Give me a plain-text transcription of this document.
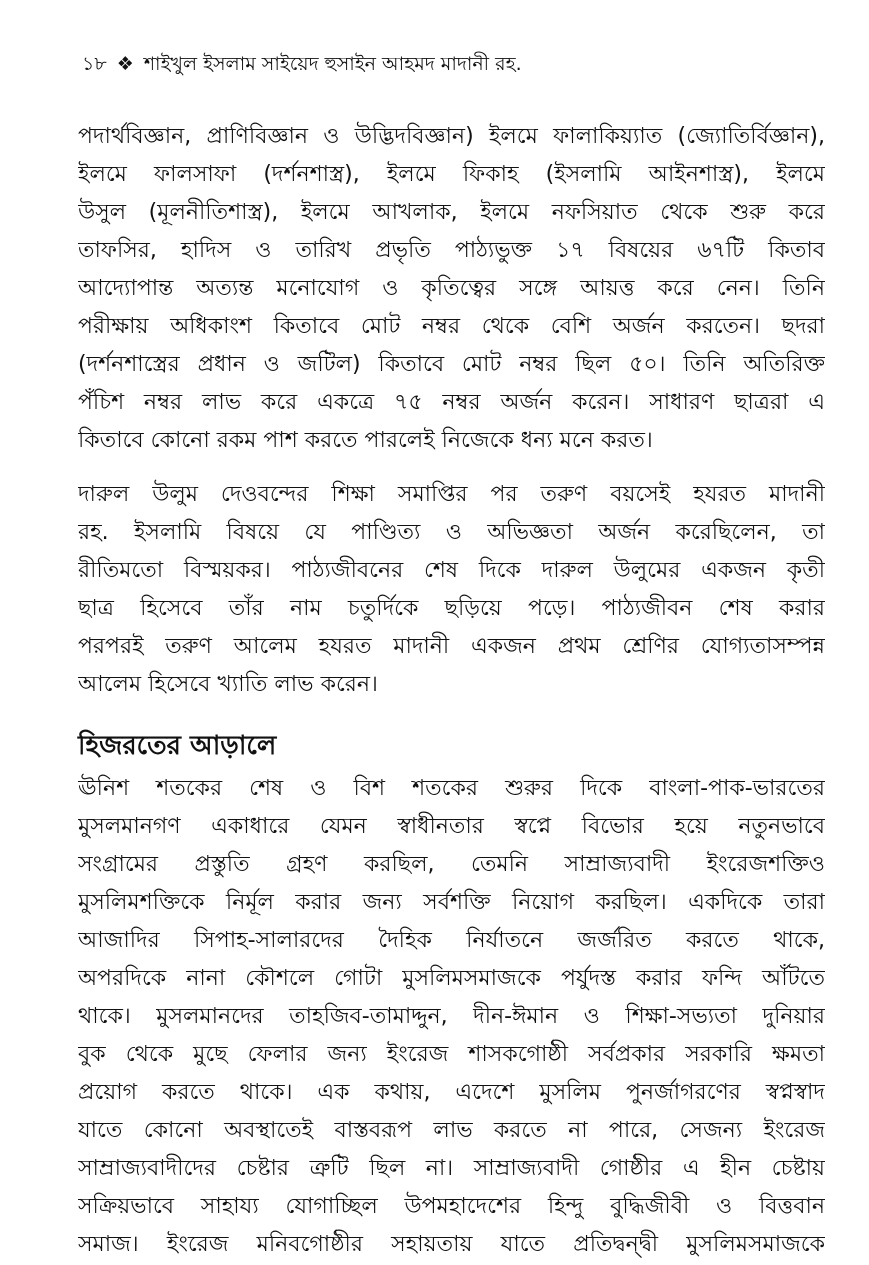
১৮ ❖ শাইখুল ইসলাম সাইয়েদ হুসাইন আহমদ মাদানী রহ.
পদার্থবিজ্ঞান, প্রাণিবিজ্ঞান ও উদ্ভিদবিজ্ঞান) ইলমে ফালাকিয়্যাত (জ্যোতির্বিজ্ঞান),
ইলমে ফালসাফা (দর্শনশাস্ত্র), ইলমে ফিকাহ (ইসলামি আইনশাস্ত্র), ইলমে
উসুল (মূলনীতিশাস্ত্র), ইলমে আখলাক, ইলমে নফসিয়াত থেকে শুরু করে
তাফসির, হাদিস ও তারিখ প্রভৃতি পাঠ্যভুক্ত ১৭ বিষয়ের ৬৭টি কিতাব
আদ্যোপান্ত অত্যন্ত মনোযোগ ও কৃতিত্বের সঙ্গে আয়ত্ত করে নেন। তিনি
পরীক্ষায় অধিকাংশ কিতাবে মোট নম্বর থেকে বেশি অর্জন করতেন। ছদরা
(দর্শনশাস্ত্রের প্রধান ও জটিল) কিতাবে মোট নম্বর ছিল ৫০। তিনি অতিরিক্ত
পঁচিশ নম্বর লাভ করে একত্রে ৭৫ নম্বর অর্জন করেন। সাধারণ ছাত্ররা এ
কিতাবে কোনো রকম পাশ করতে পারলেই নিজেকে ধন্য মনে করত।
দারুল উলুম দেওবন্দের শিক্ষা সমাপ্তির পর তরুণ বয়সেই হযরত মাদানী
রহ. ইসলামি বিষয়ে যে পাণ্ডিত্য ও অভিজ্ঞতা অর্জন করেছিলেন, তা
রীতিমতো বিস্ময়কর। পাঠ্যজীবনের শেষ দিকে দারুল উলুমের একজন কৃতী
ছাত্র হিসেবে তাঁর নাম চতুর্দিকে ছড়িয়ে পড়ে। পাঠ্যজীবন শেষ করার
পরপরই তরুণ আলেম হযরত মাদানী একজন প্রথম শ্রেণির যোগ্যতাসম্পন্ন
আলেম হিসেবে খ্যাতি লাভ করেন।
হিজরতের আড়ালে
ঊনিশ শতকের শেষ ও বিশ শতকের শুরুর দিকে বাংলা-পাক-ভারতের
মুসলমানগণ একাধারে যেমন স্বাধীনতার স্বপ্নে বিভোর হয়ে নতুনভাবে
সংগ্রামের প্রস্তুতি গ্রহণ করছিল, তেমনি সাম্রাজ্যবাদী ইংরেজশক্তিও
মুসলিমশক্তিকে নির্মূল করার জন্য সর্বশক্তি নিয়োগ করছিল। একদিকে তারা
আজাদির সিপাহ-সালারদের দৈহিক নির্যাতনে জর্জরিত করতে থাকে,
অপরদিকে নানা কৌশলে গোটা মুসলিমসমাজকে পর্যুদস্ত করার ফন্দি আঁটতে
থাকে। মুসলমানদের তাহজিব-তামাদ্দুন, দীন-ঈমান ও শিক্ষা-সভ্যতা দুনিয়ার
বুক থেকে মুছে ফেলার জন্য ইংরেজ শাসকগোষ্ঠী সর্বপ্রকার সরকারি ক্ষমতা
প্রয়োগ করতে থাকে। এক কথায়, এদেশে মুসলিম পুনর্জাগরণের স্বপ্নস্বাদ
যাতে কোনো অবস্থাতেই বাস্তবরূপ লাভ করতে না পারে, সেজন্য ইংরেজ
সাম্রাজ্যবাদীদের চেষ্টার ত্রুটি ছিল না। সাম্রাজ্যবাদী গোষ্ঠীর এ হীন চেষ্টায়
সক্রিয়ভাবে সাহায্য যোগাচ্ছিল উপমহাদেশের হিন্দু বুদ্ধিজীবী ও বিত্তবান
সমাজ। ইংরেজ মনিবগোষ্ঠীর সহায়তায় যাতে প্রতিদ্বন্দ্বী মুসলিমসমাজকে
